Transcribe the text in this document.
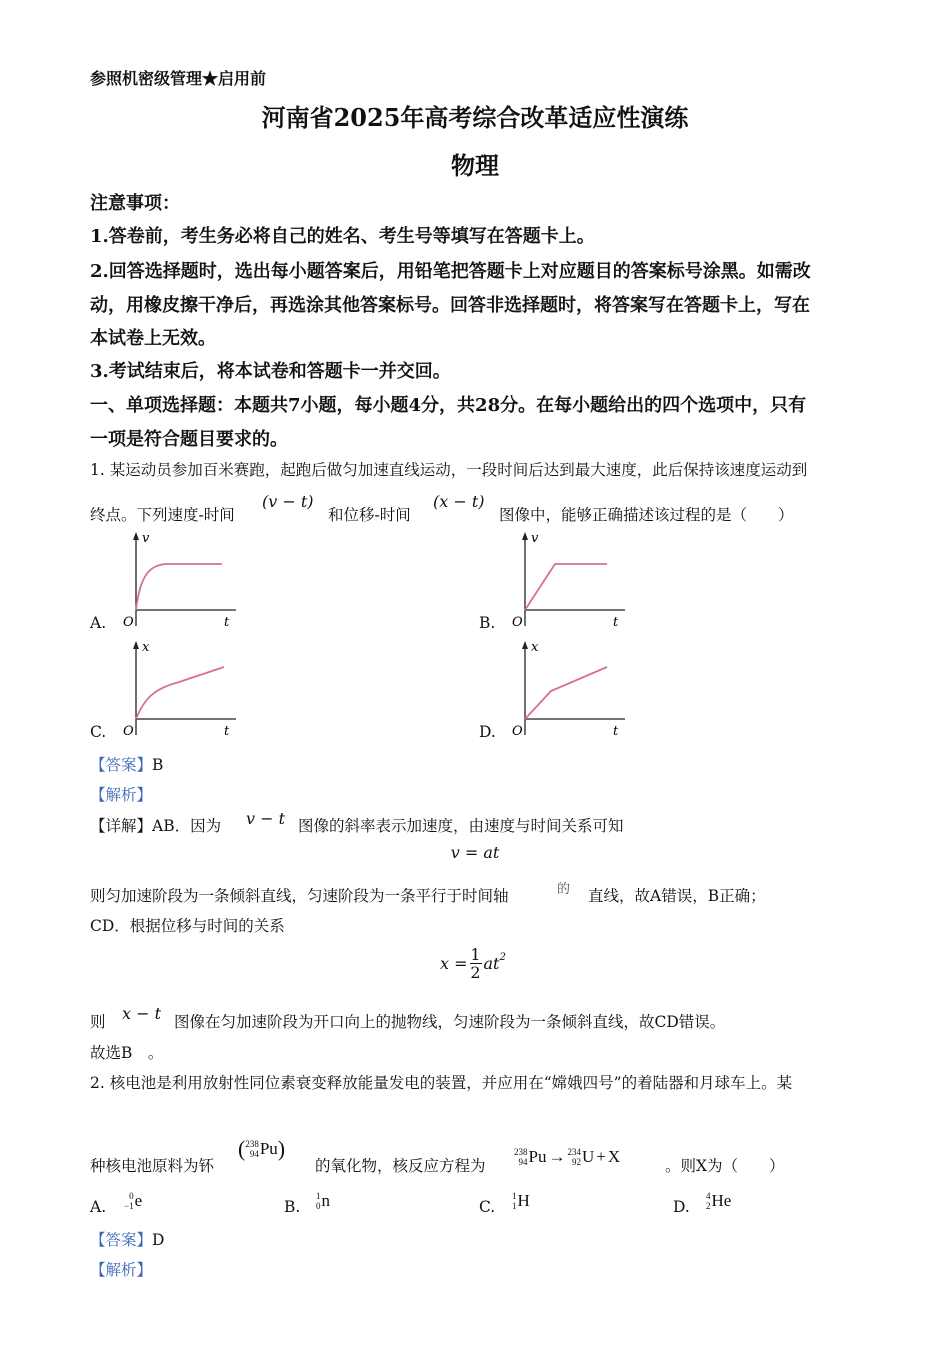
参照机密级管理★启用前
河南省2025年高考综合改革适应性演练
物理
注意事项：
1.答卷前，考生务必将自己的姓名、考生号等填写在答题卡上。
2.回答选择题时，选出每小题答案后，用铅笔把答题卡上对应题目的答案标号涂黑。如需改
动，用橡皮擦干净后，再选涂其他答案标号。回答非选择题时，将答案写在答题卡上，写在
本试卷上无效。
3.考试结束后，将本试卷和答题卡一并交回。
一、单项选择题：本题共7小题，每小题4分，共28分。在每小题给出的四个选项中，只有
一项是符合题目要求的。
1. 某运动员参加百米赛跑，起跑后做匀加速直线运动，一段时间后达到最大速度，此后保持该速度运动到
终点。下列速度-时间
(v − t)
和位移-时间
(x − t)
图像中，能够正确描述该过程的是（　　）
A.	B.
C.	D.
v
t
O
v
t
O
x
t
O
x
t
O
【答案】B
【解析】
【详解】AB．因为 v − t 图像的斜率表示加速度，由速度与时间关系可知
v = at
则匀加速阶段为一条倾斜直线，匀速阶段为一条平行于时间轴	的 直线，故A错误，B正确；
CD．根据位移与时间的关系
x = 1
2 $at^2$
则 x − t 图像在匀加速阶段为开口向上的抛物线，匀速阶段为一条倾斜直线，故CD错误。
故选B　。
2. 核电池是利用放射性同位素衰变释放能量发电的装置，并应用在“嫦娥四号”的着陆器和月球车上。某
种核电池原料为钚
( 238
94 Pu )
的氧化物，核反应方程为
238
94 Pu → 234
92 U + X	。则X为（　　）
A.
0
−1 e	B.
1
0 n	C.
1
1 H	D.
4
2 He
【答案】D
【解析】
